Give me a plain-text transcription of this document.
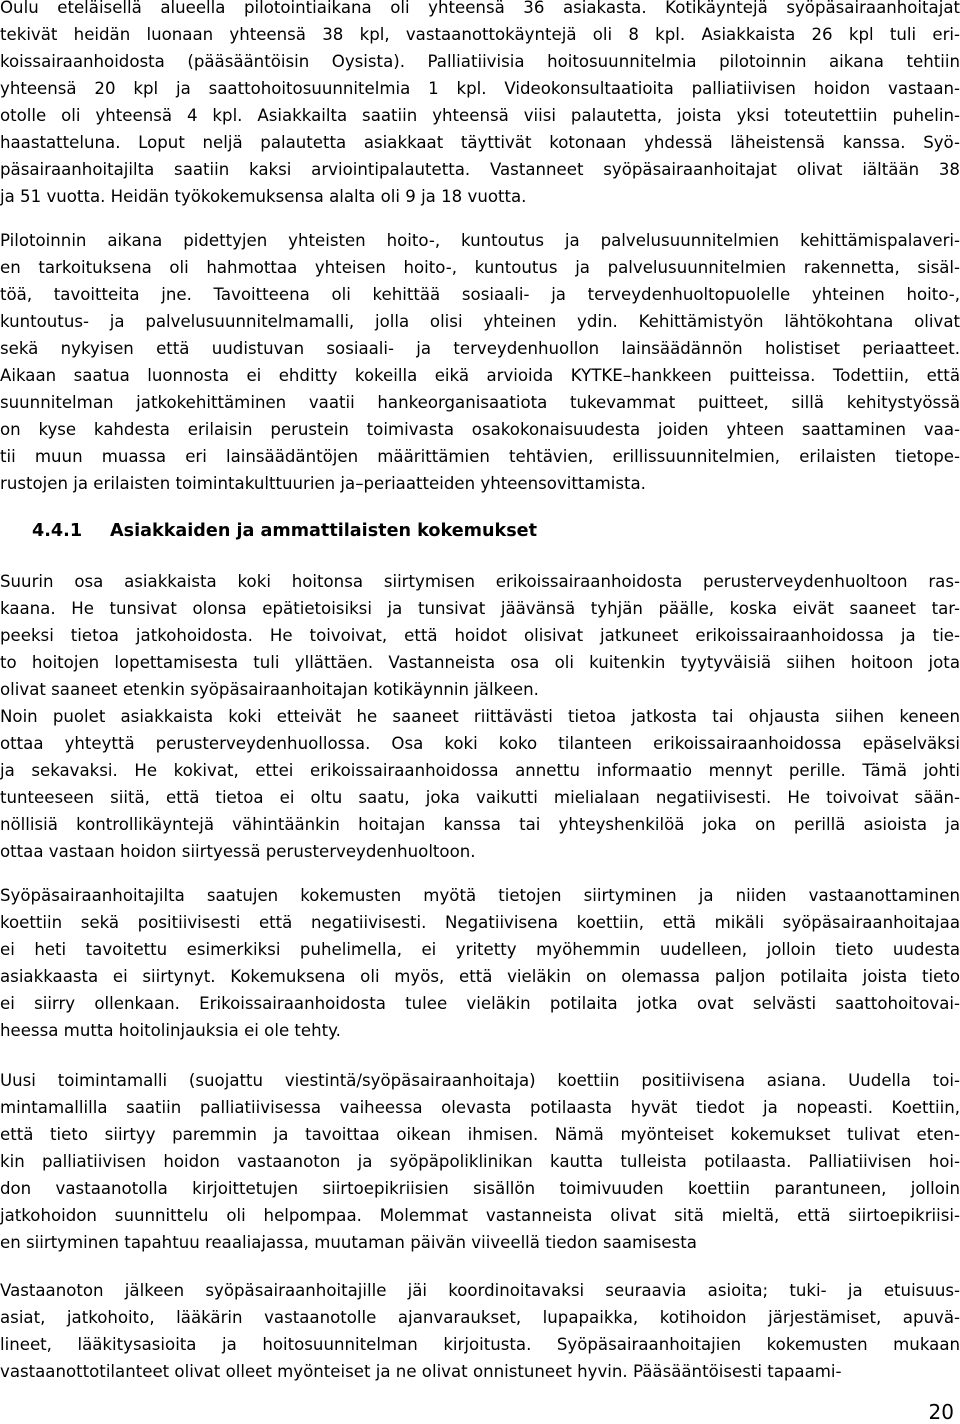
Oulu eteläisellä alueella pilotointiaikana oli yhteensä 36 asiakasta. Kotikäyntejä syöpäsairaanhoitajat
tekivät heidän luonaan yhteensä 38 kpl, vastaanottokäyntejä oli 8 kpl. Asiakkaista 26 kpl tuli eri-
koissairaanhoidosta (pääsääntöisin Oysista). Palliatiivisia hoitosuunnitelmia pilotoinnin aikana tehtiin
yhteensä 20 kpl ja saattohoitosuunnitelmia 1 kpl. Videokonsultaatioita palliatiivisen hoidon vastaan-
otolle oli yhteensä 4 kpl. Asiakkailta saatiin yhteensä viisi palautetta, joista yksi toteutettiin puhelin-
haastatteluna. Loput neljä palautetta asiakkaat täyttivät kotonaan yhdessä läheistensä kanssa. Syö-
päsairaanhoitajilta saatiin kaksi arviointipalautetta. Vastanneet syöpäsairaanhoitajat olivat iältään 38
ja 51 vuotta. Heidän työkokemuksensa alalta oli 9 ja 18 vuotta.
Pilotoinnin aikana pidettyjen yhteisten hoito-, kuntoutus ja palvelusuunnitelmien kehittämispalaveri-
en tarkoituksena oli hahmottaa yhteisen hoito-, kuntoutus ja palvelusuunnitelmien rakennetta, sisäl-
töä, tavoitteita jne. Tavoitteena oli kehittää sosiaali- ja terveydenhuoltopuolelle yhteinen hoito-,
kuntoutus- ja palvelusuunnitelmamalli, jolla olisi yhteinen ydin. Kehittämistyön lähtökohtana olivat
sekä nykyisen että uudistuvan sosiaali- ja terveydenhuollon lainsäädännön holistiset periaatteet.
Aikaan saatua luonnosta ei ehditty kokeilla eikä arvioida KYTKE–hankkeen puitteissa. Todettiin, että
suunnitelman jatkokehittäminen vaatii hankeorganisaatiota tukevammat puitteet, sillä kehitystyössä
on kyse kahdesta erilaisin perustein toimivasta osakokonaisuudesta joiden yhteen saattaminen vaa-
tii muun muassa eri lainsäädäntöjen määrittämien tehtävien, erillissuunnitelmien, erilaisten tietope-
rustojen ja erilaisten toimintakulttuurien ja–periaatteiden yhteensovittamista.
4.4.1 Asiakkaiden ja ammattilaisten kokemukset
Suurin osa asiakkaista koki hoitonsa siirtymisen erikoissairaanhoidosta perusterveydenhuoltoon ras-
kaana. He tunsivat olonsa epätietoisiksi ja tunsivat jäävänsä tyhjän päälle, koska eivät saaneet tar-
peeksi tietoa jatkohoidosta. He toivoivat, että hoidot olisivat jatkuneet erikoissairaanhoidossa ja tie-
to hoitojen lopettamisesta tuli yllättäen. Vastanneista osa oli kuitenkin tyytyväisiä siihen hoitoon jota
olivat saaneet etenkin syöpäsairaanhoitajan kotikäynnin jälkeen.
Noin puolet asiakkaista koki etteivät he saaneet riittävästi tietoa jatkosta tai ohjausta siihen keneen
ottaa yhteyttä perusterveydenhuollossa. Osa koki koko tilanteen erikoissairaanhoidossa epäselväksi
ja sekavaksi. He kokivat, ettei erikoissairaanhoidossa annettu informaatio mennyt perille. Tämä johti
tunteeseen siitä, että tietoa ei oltu saatu, joka vaikutti mielialaan negatiivisesti. He toivoivat sään-
nöllisiä kontrollikäyntejä vähintäänkin hoitajan kanssa tai yhteyshenkilöä joka on perillä asioista ja
ottaa vastaan hoidon siirtyessä perusterveydenhuoltoon.
Syöpäsairaanhoitajilta saatujen kokemusten myötä tietojen siirtyminen ja niiden vastaanottaminen
koettiin sekä positiivisesti että negatiivisesti. Negatiivisena koettiin, että mikäli syöpäsairaanhoitajaa
ei heti tavoitettu esimerkiksi puhelimella, ei yritetty myöhemmin uudelleen, jolloin tieto uudesta
asiakkaasta ei siirtynyt. Kokemuksena oli myös, että vieläkin on olemassa paljon potilaita joista tieto
ei siirry ollenkaan. Erikoissairaanhoidosta tulee vieläkin potilaita jotka ovat selvästi saattohoitovai-
heessa mutta hoitolinjauksia ei ole tehty.
Uusi toimintamalli (suojattu viestintä/syöpäsairaanhoitaja) koettiin positiivisena asiana. Uudella toi-
mintamallilla saatiin palliatiivisessa vaiheessa olevasta potilaasta hyvät tiedot ja nopeasti. Koettiin,
että tieto siirtyy paremmin ja tavoittaa oikean ihmisen. Nämä myönteiset kokemukset tulivat eten-
kin palliatiivisen hoidon vastaanoton ja syöpäpoliklinikan kautta tulleista potilaasta. Palliatiivisen hoi-
don vastaanotolla kirjoittetujen siirtoepikriisien sisällön toimivuuden koettiin parantuneen, jolloin
jatkohoidon suunnittelu oli helpompaa. Molemmat vastanneista olivat sitä mieltä, että siirtoepikriisi-
en siirtyminen tapahtuu reaaliajassa, muutaman päivän viiveellä tiedon saamisesta
Vastaanoton jälkeen syöpäsairaanhoitajille jäi koordinoitavaksi seuraavia asioita; tuki- ja etuisuus-
asiat, jatkohoito, lääkärin vastaanotolle ajanvaraukset, lupapaikka, kotihoidon järjestämiset, apuvä-
lineet, lääkitysasioita ja hoitosuunnitelman kirjoitusta. Syöpäsairaanhoitajien kokemusten mukaan
vastaanottotilanteet olivat olleet myönteiset ja ne olivat onnistuneet hyvin. Pääsääntöisesti tapaami-
20
